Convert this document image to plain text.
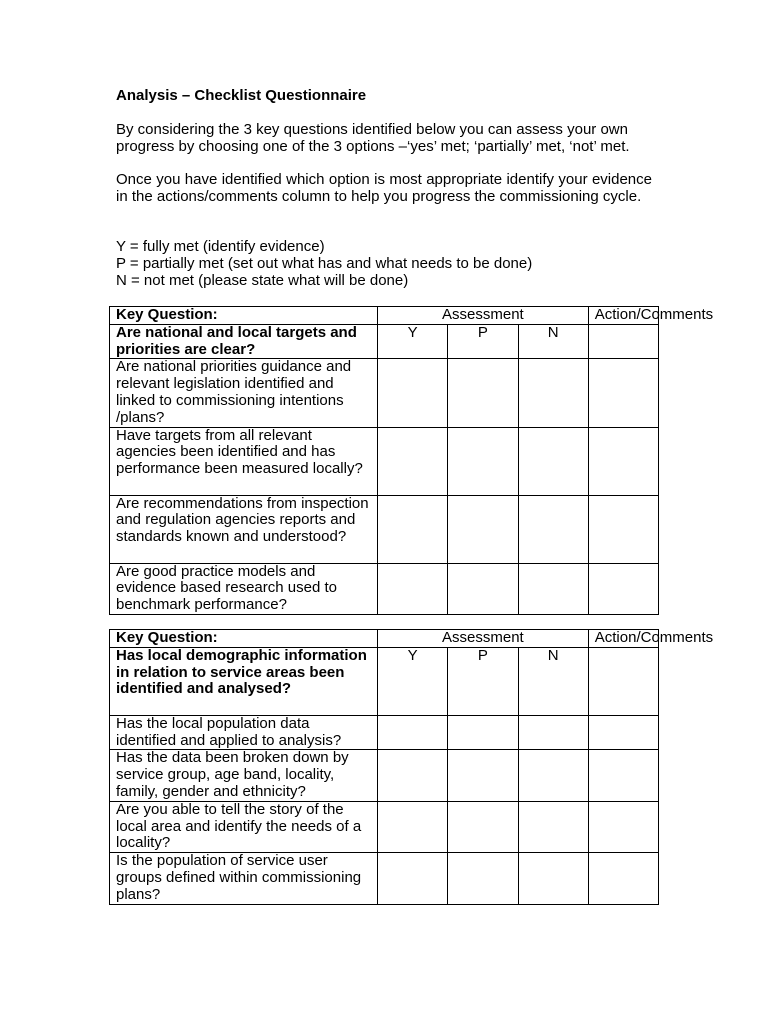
Analysis – Checklist Questionnaire

By considering the 3 key questions identified below you can assess your own progress by choosing one of the 3 options –‘yes’ met; ‘partially’ met, ‘not’ met.

Once you have identified which option is most appropriate identify your evidence in the actions/comments column to help you progress the commissioning cycle.

Y = fully met (identify evidence)
P = partially met (set out what has and what needs to be done)
N = not met (please state what will be done)
Key Question:	Assessment			Action/Comments
Are national and local targets and priorities are clear?	Y	P	N	
Are national priorities guidance and relevant legislation identified and linked to commissioning intentions /plans?				
Have targets from all relevant agencies been identified and has performance been measured locally?				
Are recommendations from inspection and regulation agencies reports and standards known and understood?				
Are good practice models and evidence based research used to benchmark performance?				
Key Question:	Assessment			Action/Comments
Has local demographic information in relation to service areas been identified and analysed?	Y	P	N	
Has the local population data identified and applied to analysis?				
Has the data been broken down by service group, age band, locality, family, gender and ethnicity?				
Are you able to tell the story of the local area and identify the needs of a locality?				
Is the population of service user groups defined within commissioning plans?				
